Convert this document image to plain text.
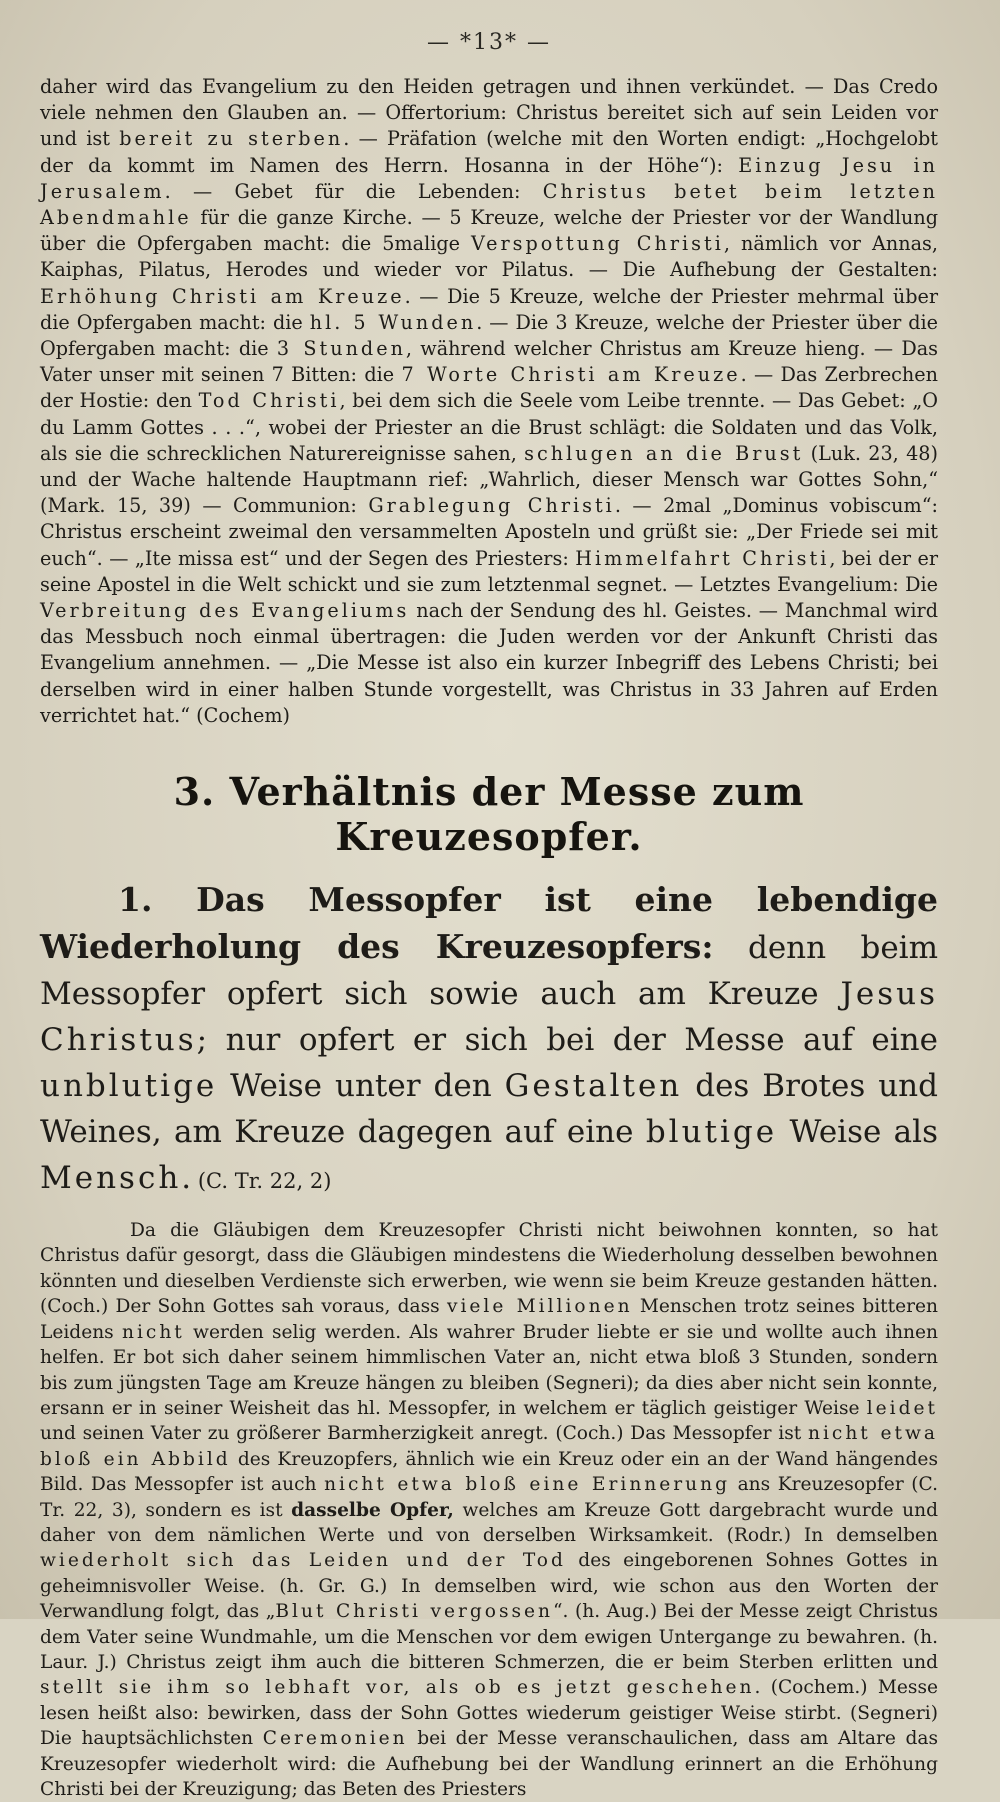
— *13* —

daher wird das Evangelium zu den Heiden getragen und ihnen verkündet. — Das Credo viele nehmen den Glauben an. — Offertorium: Christus bereitet sich auf sein Leiden vor und ist bereit zu sterben. — Präfation (welche mit den Worten endigt: „Hochgelobt der da kommt im Namen des Herrn. Hosanna in der Höhe“): Einzug Jesu in Jerusalem. — Gebet für die Lebenden: Christus betet beim letzten Abendmahle für die ganze Kirche. — 5 Kreuze, welche der Priester vor der Wandlung über die Opfergaben macht: die 5malige Verspottung Christi, nämlich vor Annas, Kaiphas, Pilatus, Herodes und wieder vor Pilatus. — Die Aufhebung der Gestalten: Erhöhung Christi am Kreuze. — Die 5 Kreuze, welche der Priester mehrmal über die Opfergaben macht: die hl. 5 Wunden. — Die 3 Kreuze, welche der Priester über die Opfergaben macht: die 3 Stunden, während welcher Christus am Kreuze hieng. — Das Vater unser mit seinen 7 Bitten: die 7 Worte Christi am Kreuze. — Das Zerbrechen der Hostie: den Tod Christi, bei dem sich die Seele vom Leibe trennte. — Das Gebet: „O du Lamm Gottes . . .“, wobei der Priester an die Brust schlägt: die Soldaten und das Volk, als sie die schrecklichen Naturereignisse sahen, schlugen an die Brust (Luk. 23, 48) und der Wache haltende Hauptmann rief: „Wahrlich, dieser Mensch war Gottes Sohn,“ (Mark. 15, 39) — Communion: Grablegung Christi. — 2mal „Dominus vobiscum“: Christus erscheint zweimal den versammelten Aposteln und grüßt sie: „Der Friede sei mit euch“. — „Ite missa est“ und der Segen des Priesters: Himmelfahrt Christi, bei der er seine Apostel in die Welt schickt und sie zum letztenmal segnet. — Letztes Evangelium: Die Verbreitung des Evangeliums nach der Sendung des hl. Geistes. — Manchmal wird das Messbuch noch einmal übertragen: die Juden werden vor der Ankunft Christi das Evangelium annehmen. — „Die Messe ist also ein kurzer Inbegriff des Lebens Christi; bei derselben wird in einer halben Stunde vorgestellt, was Christus in 33 Jahren auf Erden verrichtet hat.“ (Cochem)

3. Verhältnis der Messe zum Kreuzesopfer.

1. Das Messopfer ist eine lebendige Wiederholung des Kreuzesopfers: denn beim Messopfer opfert sich sowie auch am Kreuze Jesus Christus; nur opfert er sich bei der Messe auf eine unblutige Weise unter den Gestalten des Brotes und Weines, am Kreuze dagegen auf eine blutige Weise als Mensch. (C. Tr. 22, 2)

Da die Gläubigen dem Kreuzesopfer Christi nicht beiwohnen konnten, so hat Christus dafür gesorgt, dass die Gläubigen mindestens die Wiederholung desselben bewohnen könnten und dieselben Verdienste sich erwerben, wie wenn sie beim Kreuze gestanden hätten. (Coch.) Der Sohn Gottes sah voraus, dass viele Millionen Menschen trotz seines bitteren Leidens nicht werden selig werden. Als wahrer Bruder liebte er sie und wollte auch ihnen helfen. Er bot sich daher seinem himmlischen Vater an, nicht etwa bloß 3 Stunden, sondern bis zum jüngsten Tage am Kreuze hängen zu bleiben (Segneri); da dies aber nicht sein konnte, ersann er in seiner Weisheit das hl. Messopfer, in welchem er täglich geistiger Weise leidet und seinen Vater zu größerer Barmherzigkeit anregt. (Coch.) Das Messopfer ist nicht etwa bloß ein Abbild des Kreuzopfers, ähnlich wie ein Kreuz oder ein an der Wand hängendes Bild. Das Messopfer ist auch nicht etwa bloß eine Erinnerung ans Kreuzesopfer (C. Tr. 22, 3), sondern es ist dasselbe Opfer, welches am Kreuze Gott dargebracht wurde und daher von dem nämlichen Werte und von derselben Wirksamkeit. (Rodr.) In demselben wiederholt sich das Leiden und der Tod des eingeborenen Sohnes Gottes in geheimnisvoller Weise. (h. Gr. G.) In demselben wird, wie schon aus den Worten der Verwandlung folgt, das „Blut Christi vergossen“. (h. Aug.) Bei der Messe zeigt Christus dem Vater seine Wundmahle, um die Menschen vor dem ewigen Untergange zu bewahren. (h. Laur. J.) Christus zeigt ihm auch die bitteren Schmerzen, die er beim Sterben erlitten und stellt sie ihm so lebhaft vor, als ob es jetzt geschehen. (Cochem.) Messe lesen heißt also: bewirken, dass der Sohn Gottes wiederum geistiger Weise stirbt. (Segneri) Die hauptsächlichsten Ceremonien bei der Messe veranschaulichen, dass am Altare das Kreuzesopfer wiederholt wird: die Aufhebung bei der Wandlung erinnert an die Erhöhung Christi bei der Kreuzigung; das Beten des Priesters
